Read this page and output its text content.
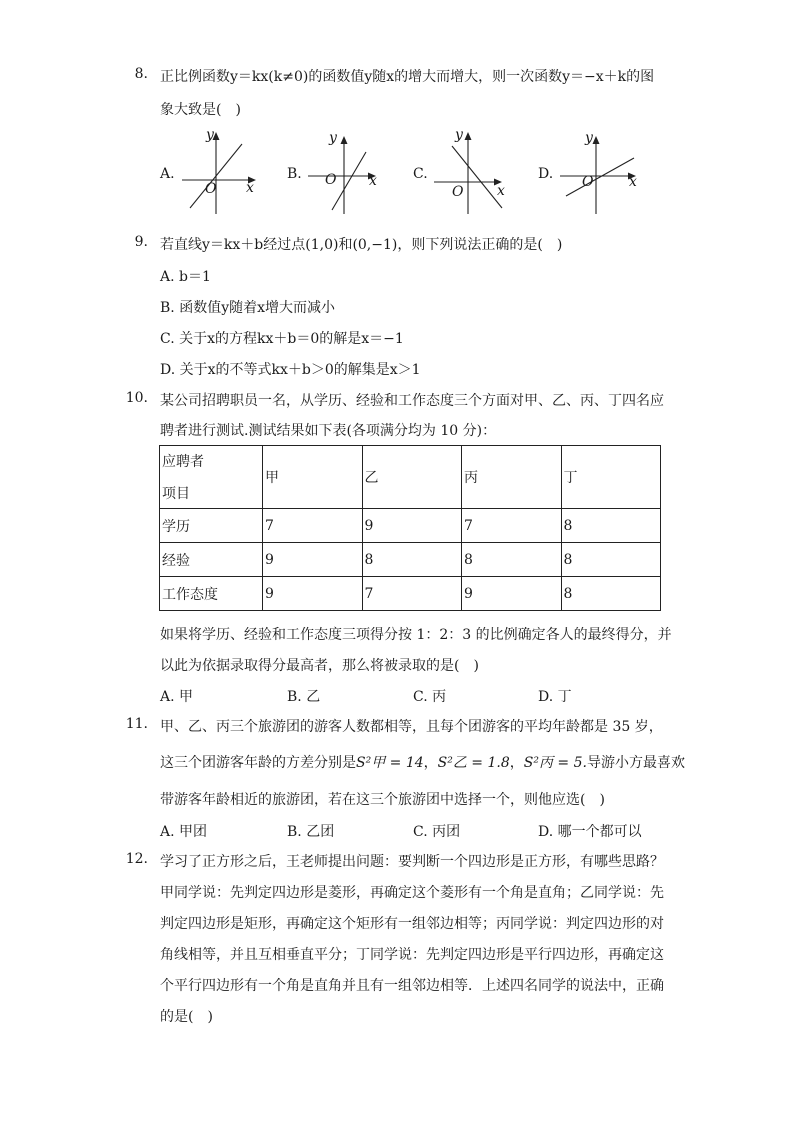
8. 正比例函数y＝kx(k≠0)的函数值y随x的增大而增大，则一次函数y＝−x＋k的图
象大致是(　)
A.
y
O x
B.
y
O x	C.
y
O x
D.
y
O	x
9. 若直线y＝kx＋b经过点(1,0)和(0,−1)，则下列说法正确的是(　)
A. b＝1
B. 函数值y随着x增大而减小
C. 关于x的方程kx＋b＝0的解是x＝−1
D. 关于x的不等式kx＋b＞0的解集是x＞1
10. 某公司招聘职员一名，从学历、经验和工作态度三个方面对甲、乙、丙、丁四名应
聘者进行测试.测试结果如下表(各项满分均为 10 分)：
应聘者
项目	甲	乙	丙	丁
学历	7	9	7	8
经验	9	8	8	8
工作态度	9	7	9	8
如果将学历、经验和工作态度三项得分按 1：2：3 的比例确定各人的最终得分，并
以此为依据录取得分最高者，那么将被录取的是(　)
A. 甲	B. 乙	C. 丙	D. 丁
11. 甲、乙、丙三个旅游团的游客人数都相等，且每个团游客的平均年龄都是 35 岁，
这三个团游客年龄的方差分别是S²甲 = 14，S²乙 = 1.8，S²丙 = 5.导游小方最喜欢
带游客年龄相近的旅游团，若在这三个旅游团中选择一个，则他应选(　)
A. 甲团	B. 乙团	C. 丙团	D. 哪一个都可以
12. 学习了正方形之后，王老师提出问题：要判断一个四边形是正方形，有哪些思路？
甲同学说：先判定四边形是菱形，再确定这个菱形有一个角是直角；乙同学说：先
判定四边形是矩形，再确定这个矩形有一组邻边相等；丙同学说：判定四边形的对
角线相等，并且互相垂直平分；丁同学说：先判定四边形是平行四边形，再确定这
个平行四边形有一个角是直角并且有一组邻边相等．上述四名同学的说法中，正确
的是(　)
